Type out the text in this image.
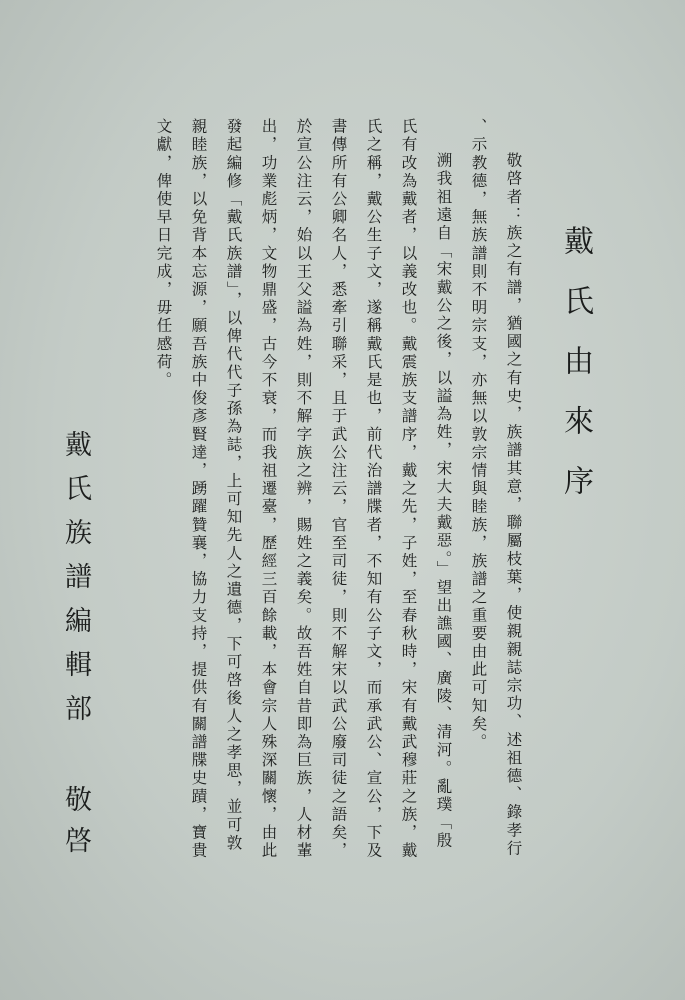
戴氏由來序
敬啓者：族之有譜，猶國之有史，族譜其意，聯屬枝葉，使親親誌宗功、述祖德、錄孝行
、示教德，無族譜則不明宗支，亦無以敦宗情與睦族，族譜之重要由此可知矣。
溯我祖遠自「宋戴公之後，以謚為姓，宋大夫戴惡。」望出譙國、廣陵、清河。亂璞「殷
氏有改為戴者，以義改也。戴震族支譜序，戴之先，子姓，至春秋時，宋有戴武穆莊之族，戴
氏之稱，戴公生子文，遂稱戴氏是也，前代治譜牒者，不知有公子文，而承武公、宣公，下及
書傳所有公卿名人，悉牽引聯采，且于武公注云，官至司徒，則不解宋以武公廢司徒之語矣，
於宣公注云，始以王父謚為姓，則不解字族之辨，賜姓之義矣。故吾姓自昔即為巨族，人材輩
出，功業彪炳，文物鼎盛，古今不衰，而我祖遷臺，歷經三百餘載，本會宗人殊深關懷，由此
發起編修「戴氏族譜」，以俾代代子孫為誌，上可知先人之遺德，下可啓後人之孝思，並可敦
親睦族，以免背本忘源，願吾族中俊彥賢達，踴躍贊襄，協力支持，提供有關譜牒史蹟，寶貴
文獻，俾使早日完成，毋任感荷。
戴氏族譜編輯部
敬啓
